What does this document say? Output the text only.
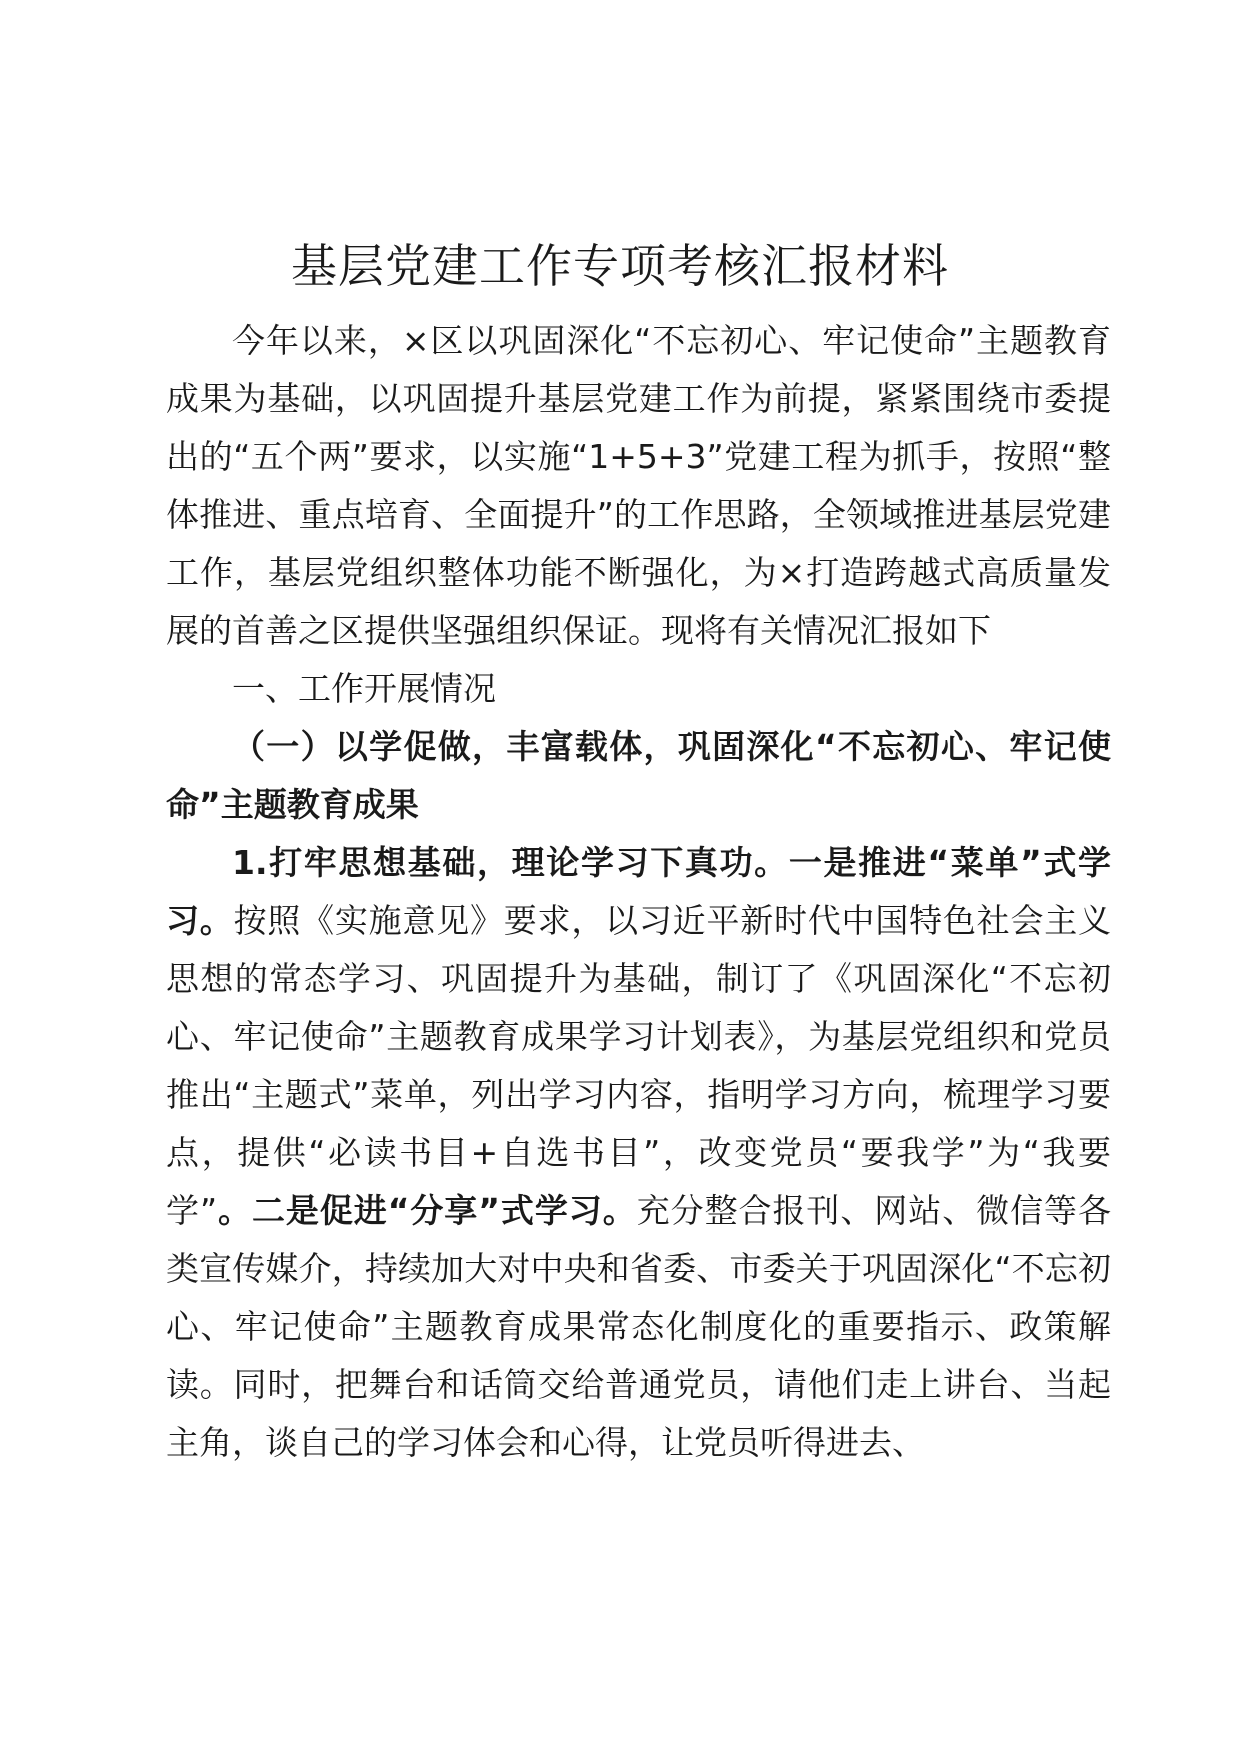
基层党建工作专项考核汇报材料

今年以来，×区以巩固深化“不忘初心、牢记使命”主题教育成果为基础，以巩固提升基层党建工作为前提，紧紧围绕市委提出的“五个两”要求，以实施“1+5+3”党建工程为抓手，按照“整体推进、重点培育、全面提升”的工作思路，全领域推进基层党建工作，基层党组织整体功能不断强化，为×打造跨越式高质量发展的首善之区提供坚强组织保证。现将有关情况汇报如下

一、工作开展情况

（一）以学促做，丰富载体，巩固深化“不忘初心、牢记使命”主题教育成果

1.打牢思想基础，理论学习下真功。一是推进“菜单”式学习。按照《实施意见》要求，以习近平新时代中国特色社会主义思想的常态学习、巩固提升为基础，制订了《巩固深化“不忘初心、牢记使命”主题教育成果学习计划表》，为基层党组织和党员推出“主题式”菜单，列出学习内容，指明学习方向，梳理学习要点，提供“必读书目+自选书目”，改变党员“要我学”为“我要学”。二是促进“分享”式学习。充分整合报刊、网站、微信等各类宣传媒介，持续加大对中央和省委、市委关于巩固深化“不忘初心、牢记使命”主题教育成果常态化制度化的重要指示、政策解读。同时，把舞台和话筒交给普通党员，请他们走上讲台、当起主角，谈自己的学习体会和心得，让党员听得进去、
